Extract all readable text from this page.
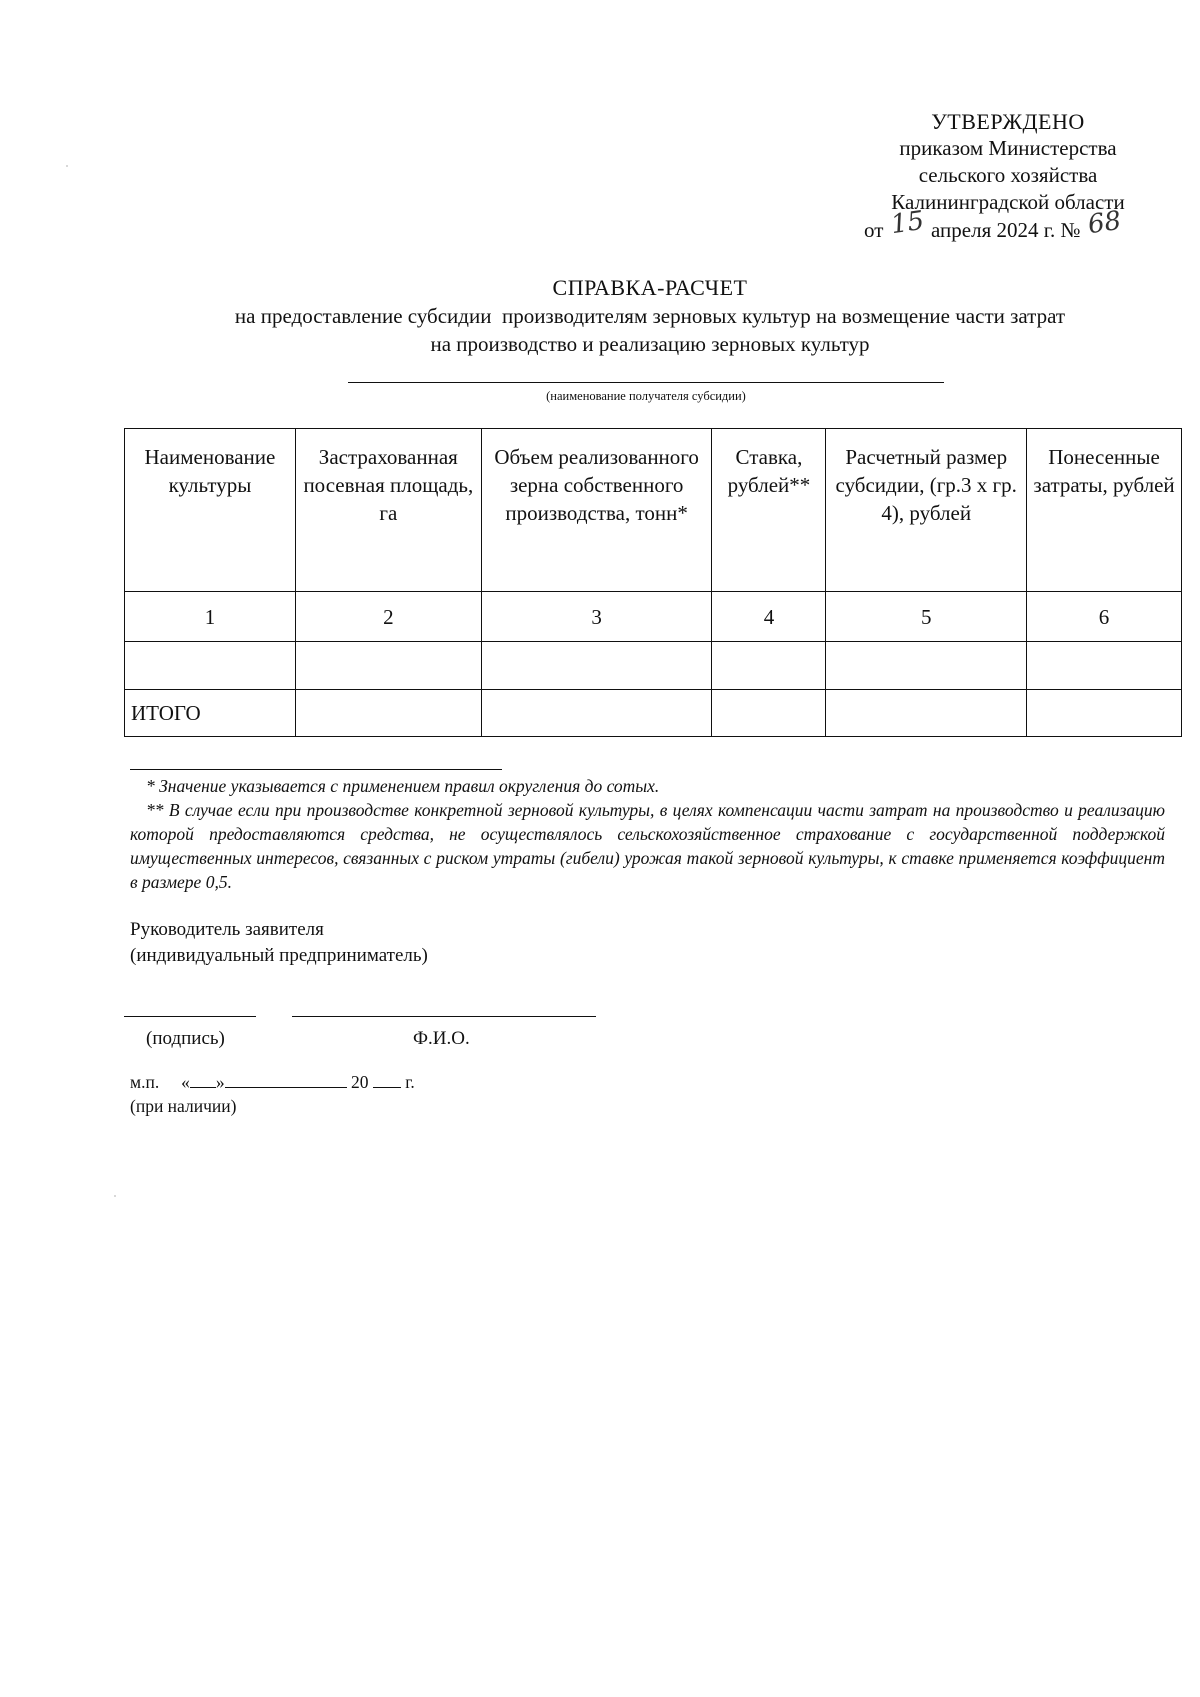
УТВЕРЖДЕНО
приказом Министерства
сельского хозяйства
Калининградской области
от 15 апреля 2024 г. № 68
СПРАВКА-РАСЧЕТ
на предоставление субсидии  производителям зерновых культур на возмещение части затрат
на производство и реализацию зерновых культур
(наименование получателя субсидии)
Наименование культуры	Застрахованная посевная площадь, га	Объем реализованного зерна собственного производства, тонн*	Ставка, рублей**	Расчетный размер субсидии, (гр.3 х гр. 4), рублей	Понесенные затраты, рублей
1	2	3	4	5	6

ИТОГО					

* Значение указывается с применением правил округления до сотых.

** В случае если при производстве конкретной зерновой культуры, в целях компенсации части затрат на производство и реализацию которой предоставляются средства, не осуществлялось сельскохозяйственное страхование с государственной поддержкой имущественных интересов, связанных с риском утраты (гибели) урожая такой зерновой культуры, к ставке применяется коэффициент в размере 0,5.

Руководитель заявителя
(индивидуальный предприниматель)
(подпись)	Ф.И.О.
м.п. « »	20 г.
(при наличии)
